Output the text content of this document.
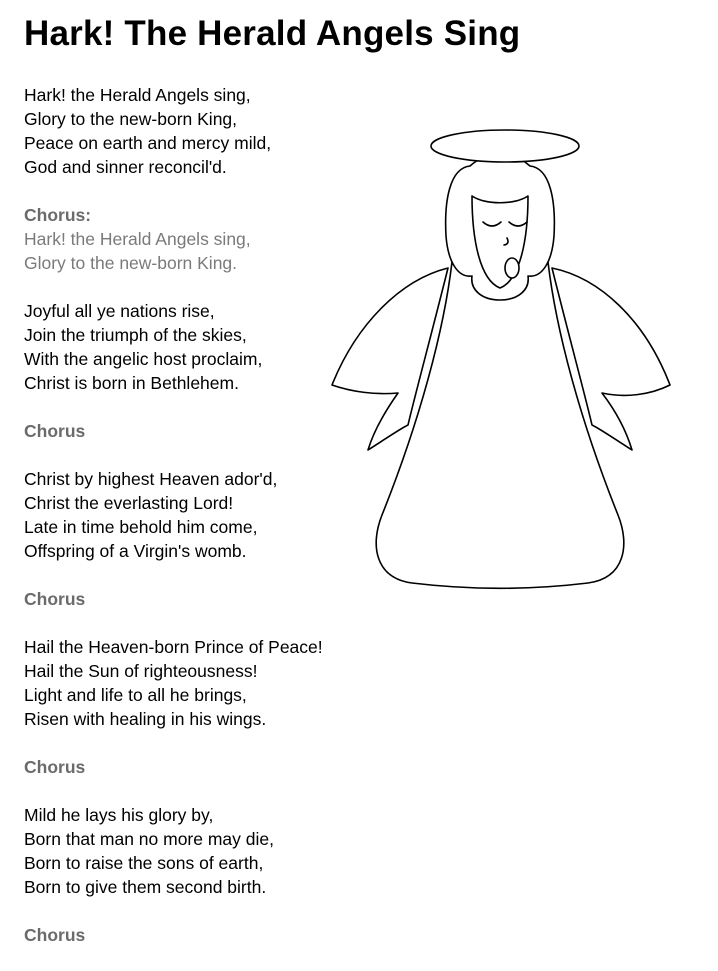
Hark! The Herald Angels Sing
Hark! the Herald Angels sing,
Glory to the new-born King,
Peace on earth and mercy mild,
God and sinner reconcil'd.
Chorus:
Hark! the Herald Angels sing,
Glory to the new-born King.
Joyful all ye nations rise,
Join the triumph of the skies,
With the angelic host proclaim,
Christ is born in Bethlehem.
Chorus
Christ by highest Heaven ador'd,
Christ the everlasting Lord!
Late in time behold him come,
Offspring of a Virgin's womb.
Chorus
Hail the Heaven-born Prince of Peace!
Hail the Sun of righteousness!
Light and life to all he brings,
Risen with healing in his wings.
Chorus
Mild he lays his glory by,
Born that man no more may die,
Born to raise the sons of earth,
Born to give them second birth.
Chorus
